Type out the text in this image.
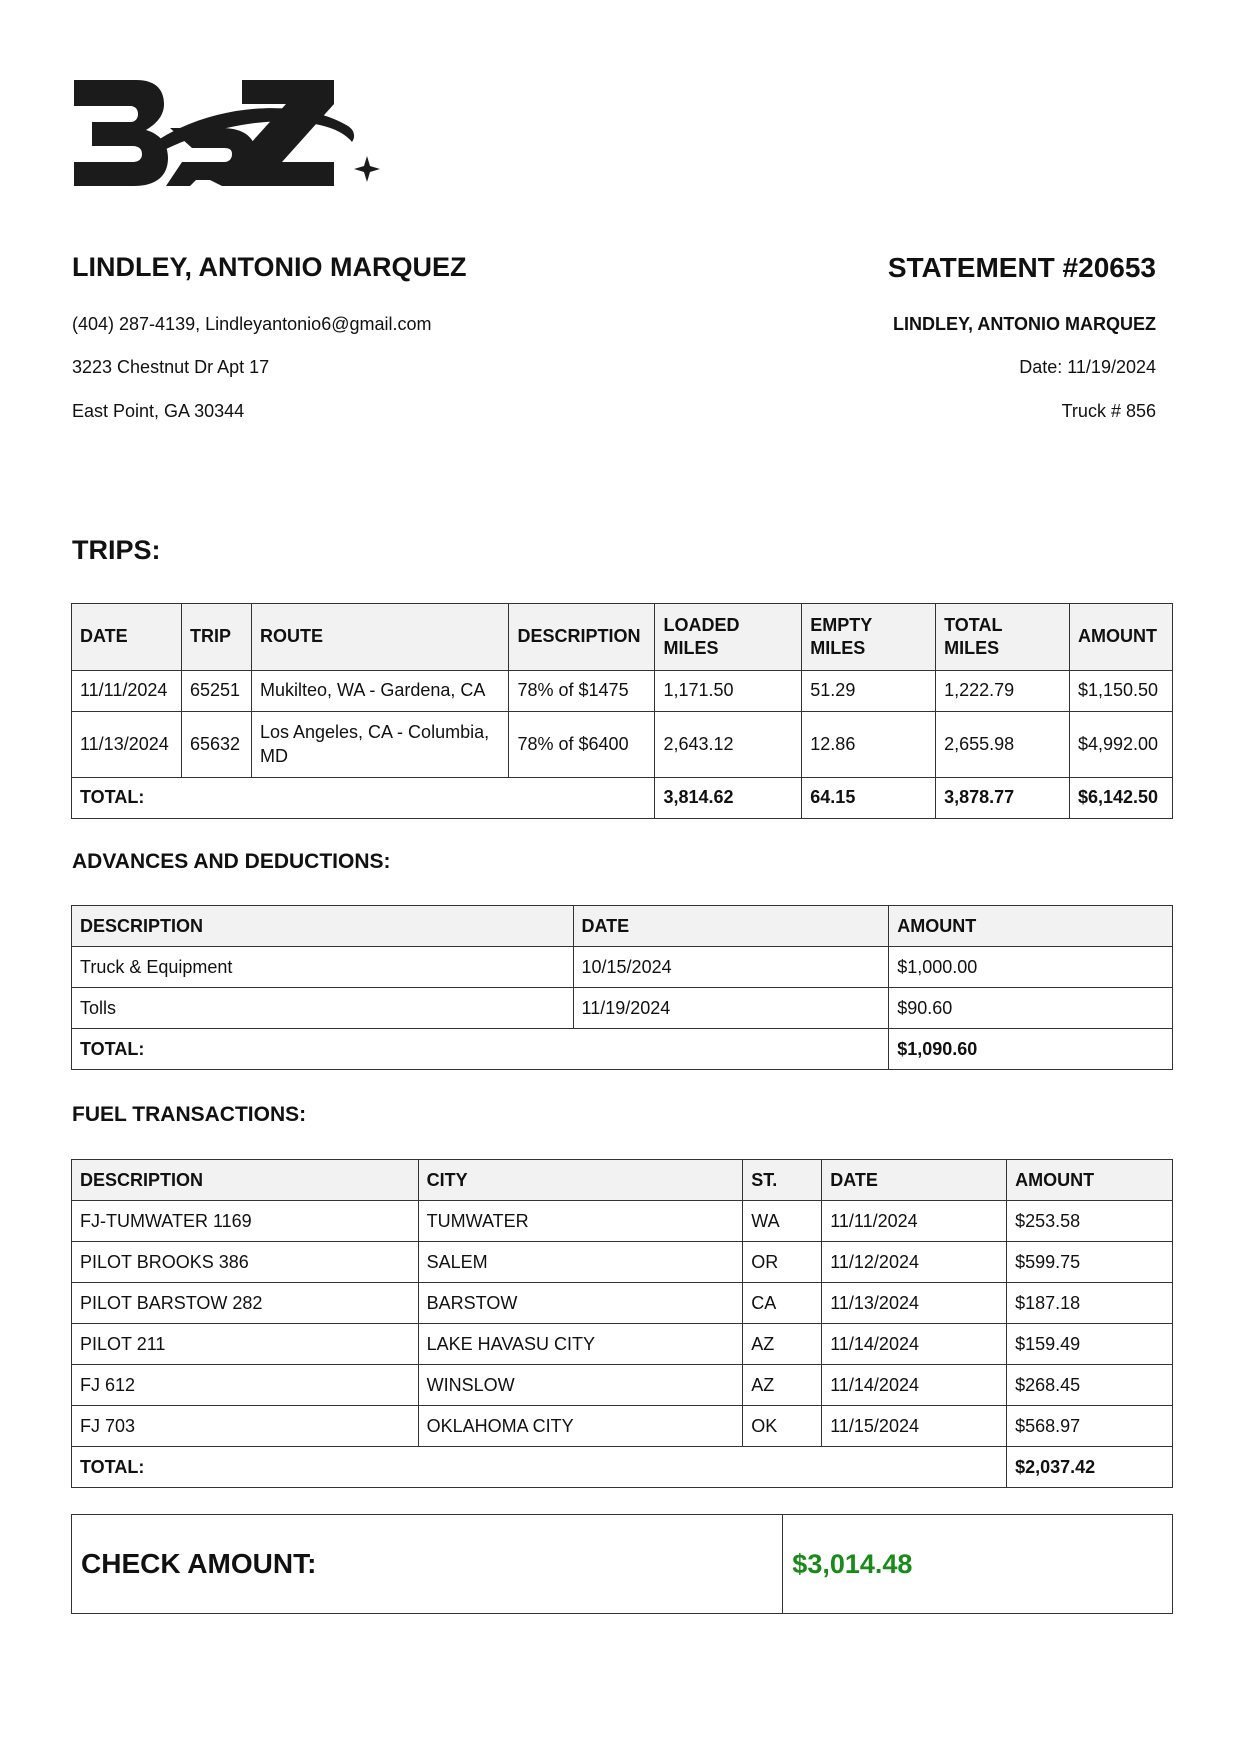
LINDLEY, ANTONIO MARQUEZ	STATEMENT #20653
(404) 287-4139, Lindleyantonio6@gmail.com
3223 Chestnut Dr Apt 17
East Point, GA 30344
LINDLEY, ANTONIO MARQUEZ
Date: 11/19/2024
Truck # 856
TRIPS:
DATE	TRIP	ROUTE	DESCRIPTION	LOADED MILES	EMPTY MILES	TOTAL MILES	AMOUNT
11/11/2024	65251	Mukilteo, WA - Gardena, CA	78% of $1475	1,171.50	51.29	1,222.79	$1,150.50
11/13/2024	65632	Los Angeles, CA - Columbia, MD	78% of $6400	2,643.12	12.86	2,655.98	$4,992.00
TOTAL:				3,814.62	64.15	3,878.77	$6,142.50
ADVANCES AND DEDUCTIONS:
DESCRIPTION	DATE	AMOUNT
Truck & Equipment	10/15/2024	$1,000.00
Tolls	11/19/2024	$90.60
TOTAL:		$1,090.60
FUEL TRANSACTIONS:
DESCRIPTION	CITY	ST.	DATE	AMOUNT
FJ-TUMWATER 1169	TUMWATER	WA	11/11/2024	$253.58
PILOT BROOKS 386	SALEM	OR	11/12/2024	$599.75
PILOT BARSTOW 282	BARSTOW	CA	11/13/2024	$187.18
PILOT 211	LAKE HAVASU CITY	AZ	11/14/2024	$159.49
FJ 612	WINSLOW	AZ	11/14/2024	$268.45
FJ 703	OKLAHOMA CITY	OK	11/15/2024	$568.97
TOTAL:				$2,037.42
CHECK AMOUNT:	$3,014.48
